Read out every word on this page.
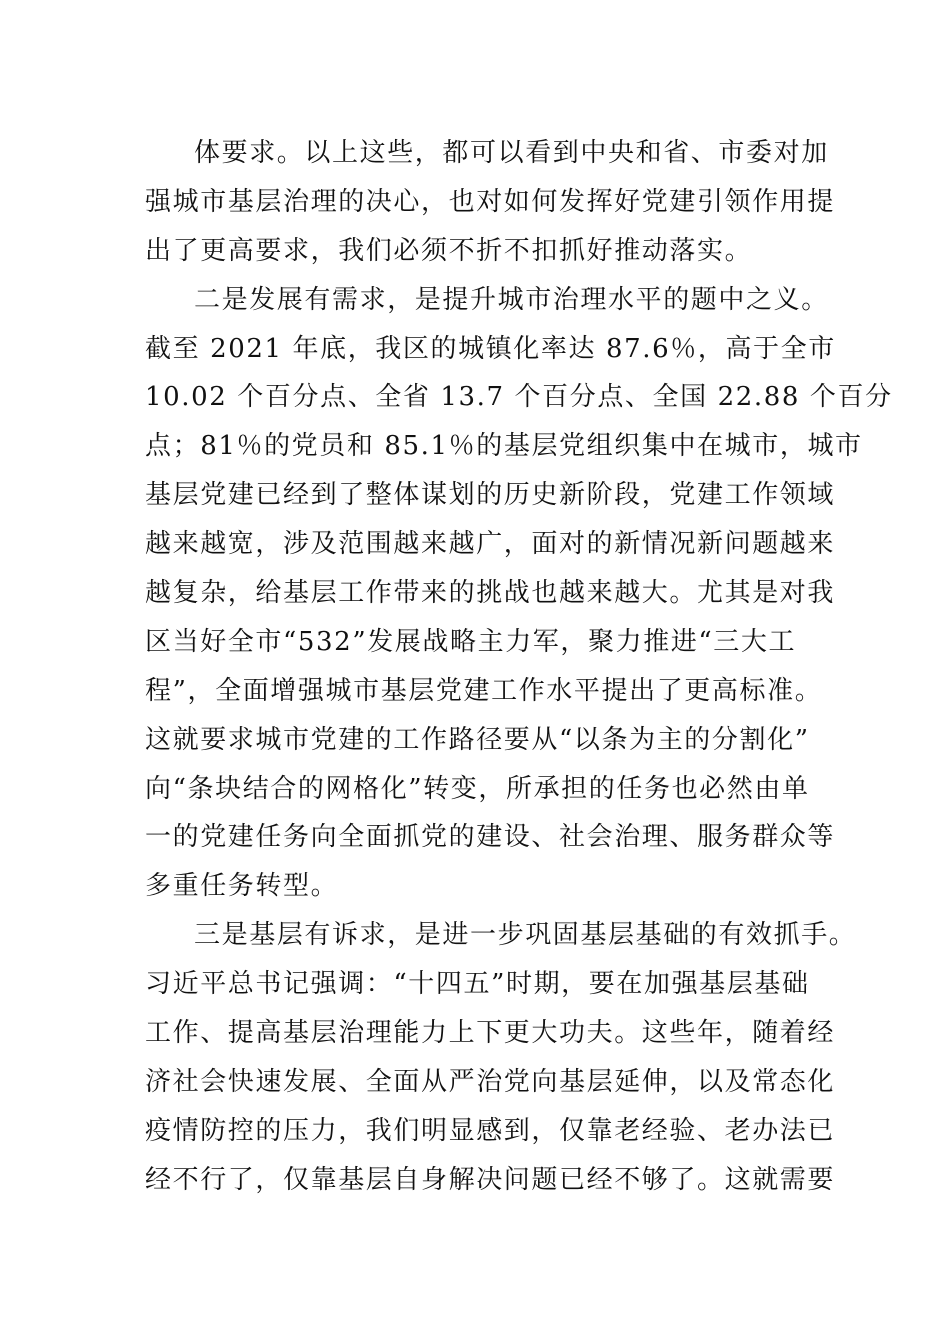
体要求。以上这些，都可以看到中央和省、市委对加
强城市基层治理的决心，也对如何发挥好党建引领作用提
出了更高要求，我们必须不折不扣抓好推动落实。
二是发展有需求，是提升城市治理水平的题中之义。
截至 2021 年底，我区的城镇化率达 87.6％，高于全市
10.02 个百分点、全省 13.7 个百分点、全国 22.88 个百分
点；81％的党员和 85.1％的基层党组织集中在城市，城市
基层党建已经到了整体谋划的历史新阶段，党建工作领域
越来越宽，涉及范围越来越广，面对的新情况新问题越来
越复杂，给基层工作带来的挑战也越来越大。尤其是对我
区当好全市“532”发展战略主力军，聚力推进“三大工
程”，全面增强城市基层党建工作水平提出了更高标准。
这就要求城市党建的工作路径要从“以条为主的分割化”
向“条块结合的网格化”转变，所承担的任务也必然由单
一的党建任务向全面抓党的建设、社会治理、服务群众等
多重任务转型。
三是基层有诉求，是进一步巩固基层基础的有效抓手。
习近平总书记强调：“十四五”时期，要在加强基层基础
工作、提高基层治理能力上下更大功夫。这些年，随着经
济社会快速发展、全面从严治党向基层延伸，以及常态化
疫情防控的压力，我们明显感到，仅靠老经验、老办法已
经不行了，仅靠基层自身解决问题已经不够了。这就需要
